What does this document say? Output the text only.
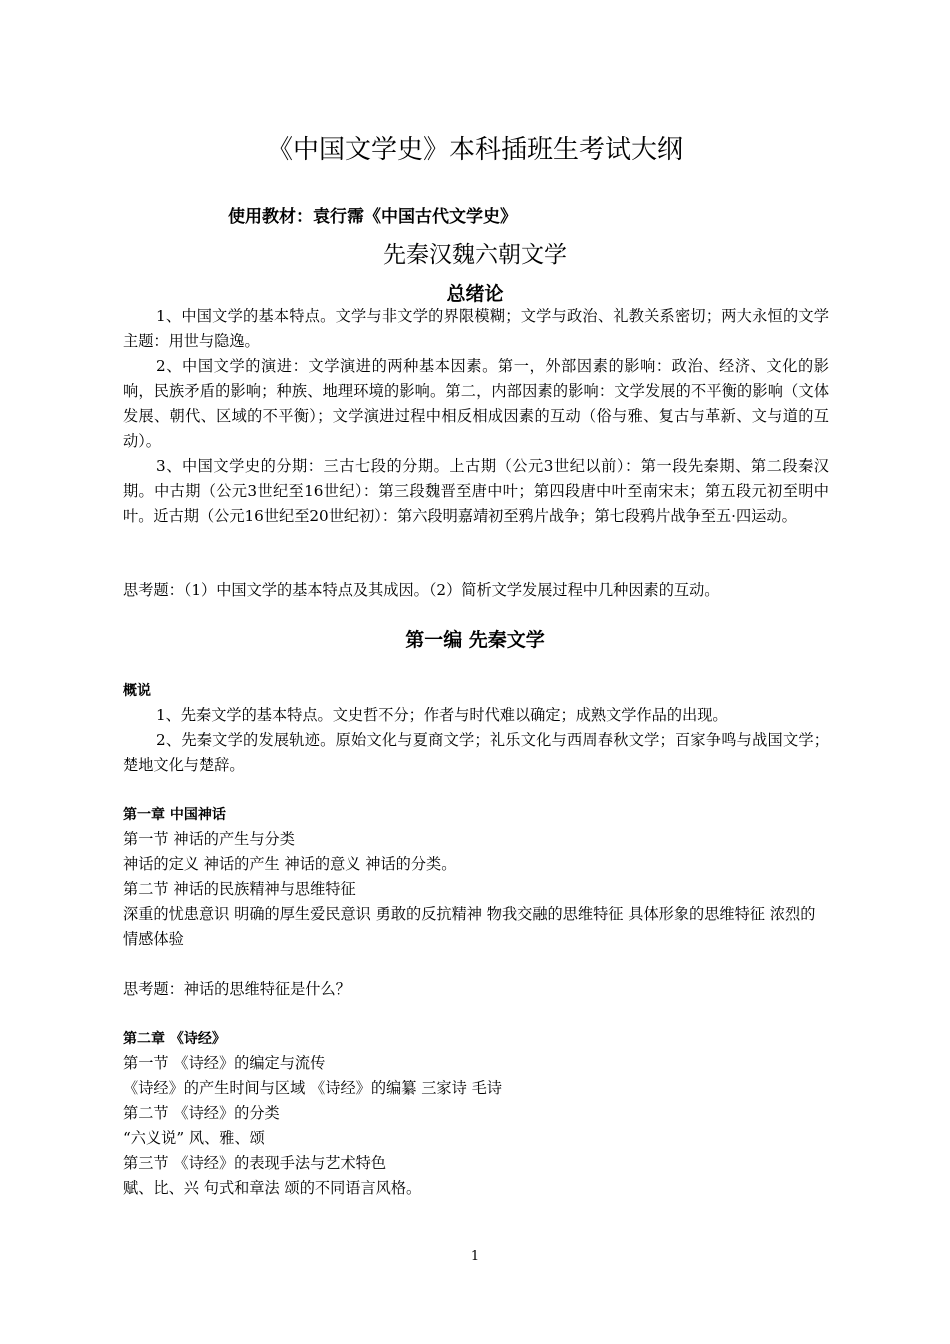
《中国文学史》本科插班生考试大纲
使用教材：袁行霈《中国古代文学史》
先秦汉魏六朝文学
总绪论

1、中国文学的基本特点。文学与非文学的界限模糊；文学与政治、礼教关系密切；两大永恒的文学主题：用世与隐逸。

2、中国文学的演进：文学演进的两种基本因素。第一，外部因素的影响：政治、经济、文化的影响，民族矛盾的影响；种族、地理环境的影响。第二，内部因素的影响：文学发展的不平衡的影响（文体发展、朝代、区域的不平衡）；文学演进过程中相反相成因素的互动（俗与雅、复古与革新、文与道的互动）。

3、中国文学史的分期：三古七段的分期。上古期（公元3世纪以前）：第一段先秦期、第二段秦汉期。中古期（公元3世纪至16世纪）：第三段魏晋至唐中叶；第四段唐中叶至南宋末；第五段元初至明中叶。近古期（公元16世纪至20世纪初）：第六段明嘉靖初至鸦片战争；第七段鸦片战争至五·四运动。

思考题：（1）中国文学的基本特点及其成因。（2）简析文学发展过程中几种因素的互动。
第一编 先秦文学
概说

1、先秦文学的基本特点。文史哲不分；作者与时代难以确定；成熟文学作品的出现。

2、先秦文学的发展轨迹。原始文化与夏商文学；礼乐文化与西周春秋文学；百家争鸣与战国文学；楚地文化与楚辞。

第一章 中国神话

第一节 神话的产生与分类

神话的定义 神话的产生 神话的意义 神话的分类。

第二节 神话的民族精神与思维特征

深重的忧患意识 明确的厚生爱民意识 勇敢的反抗精神 物我交融的思维特征 具体形象的思维特征 浓烈的情感体验

思考题：神话的思维特征是什么？
第二章 《诗经》

第一节 《诗经》的编定与流传

《诗经》的产生时间与区域 《诗经》的编纂 三家诗 毛诗

第二节 《诗经》的分类

“六义说” 风、雅、颂

第三节 《诗经》的表现手法与艺术特色

赋、比、兴 句式和章法 颂的不同语言风格。

1
